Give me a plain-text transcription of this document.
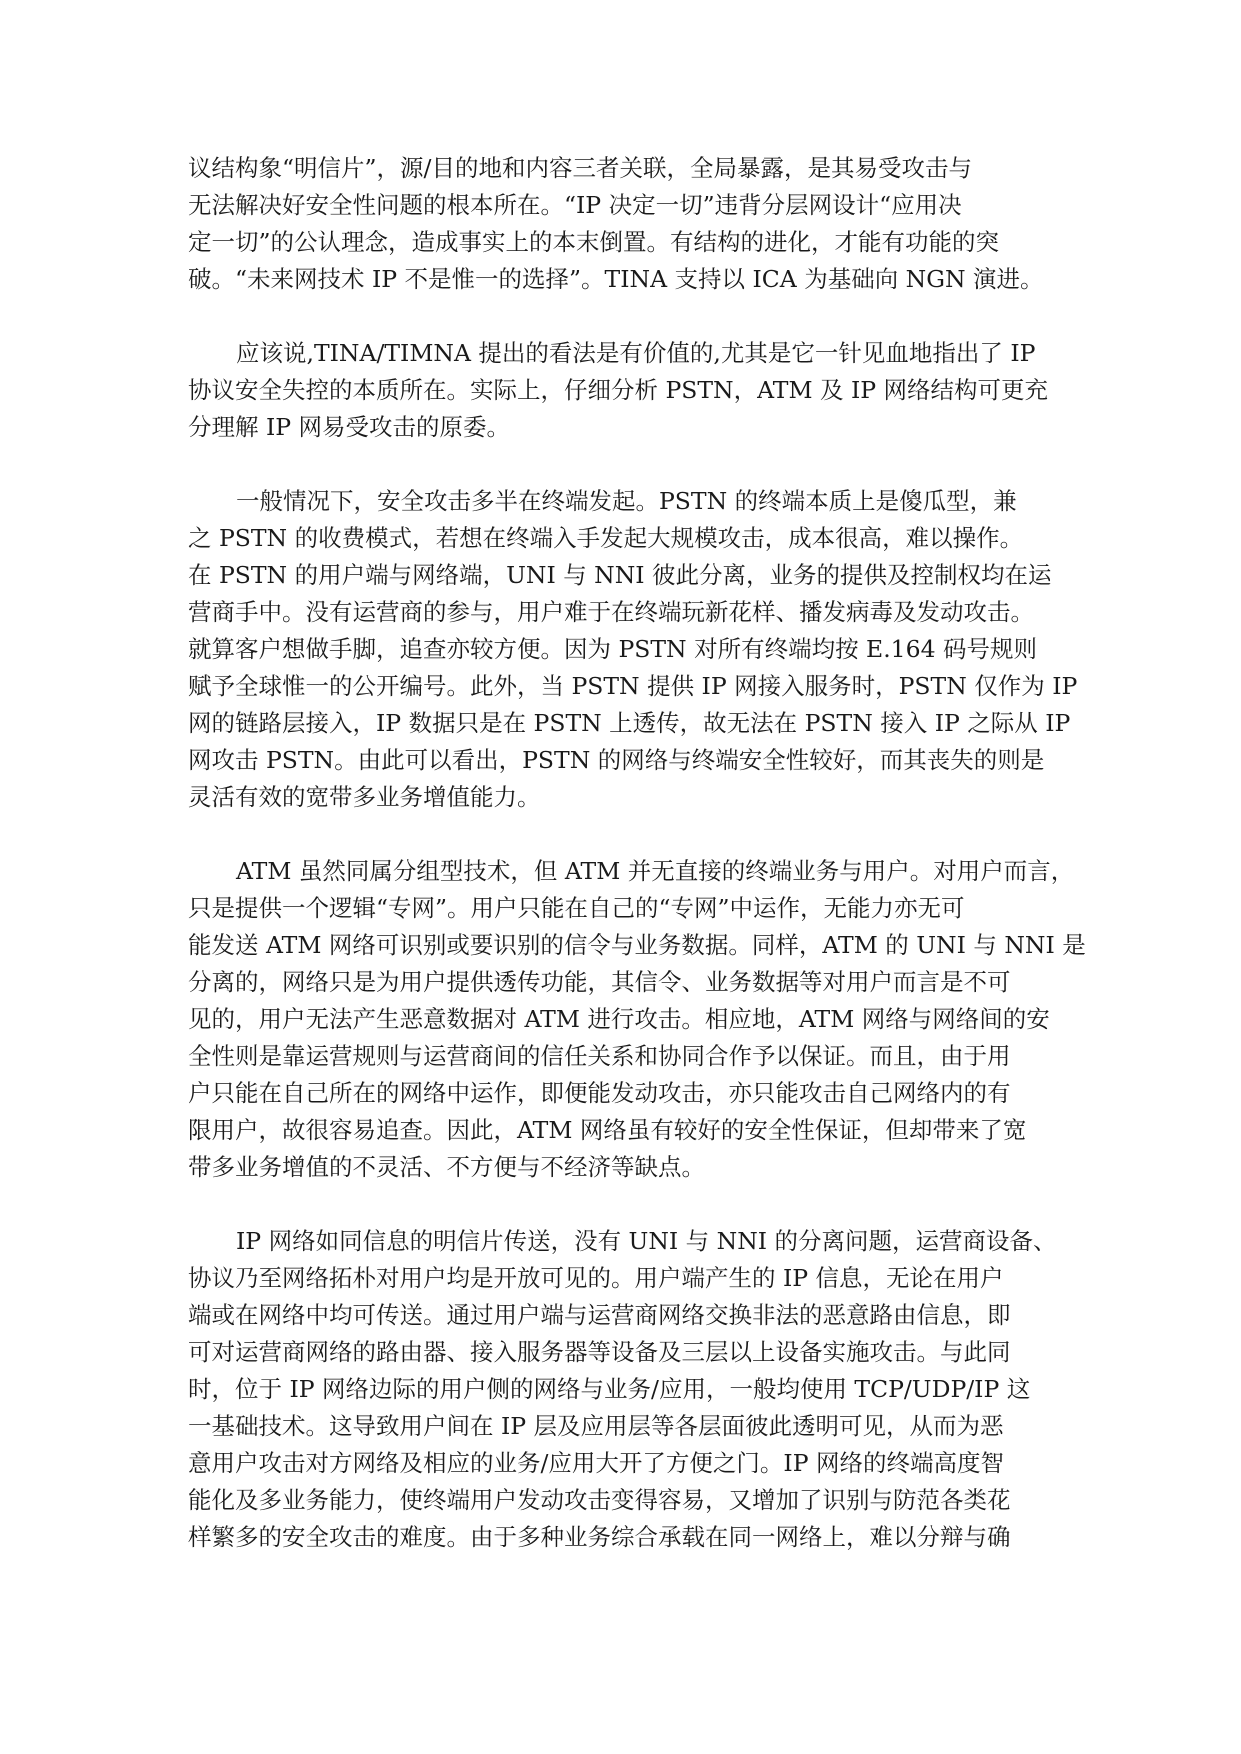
议结构象“明信片”，源/目的地和内容三者关联，全局暴露，是其易受攻击与
无法解决好安全性问题的根本所在。“IP 决定一切”违背分层网设计“应用决
定一切”的公认理念，造成事实上的本末倒置。有结构的进化，才能有功能的突
破。“未来网技术 IP 不是惟一的选择”。TINA 支持以 ICA 为基础向 NGN 演进。
应该说,TINA/TIMNA 提出的看法是有价值的,尤其是它一针见血地指出了 IP
协议安全失控的本质所在。实际上，仔细分析 PSTN，ATM 及 IP 网络结构可更充
分理解 IP 网易受攻击的原委。
一般情况下，安全攻击多半在终端发起。PSTN 的终端本质上是傻瓜型，兼
之 PSTN 的收费模式，若想在终端入手发起大规模攻击，成本很高，难以操作。
在 PSTN 的用户端与网络端，UNI 与 NNI 彼此分离，业务的提供及控制权均在运
营商手中。没有运营商的参与，用户难于在终端玩新花样、播发病毒及发动攻击。
就算客户想做手脚，追查亦较方便。因为 PSTN 对所有终端均按 E.164 码号规则
赋予全球惟一的公开编号。此外，当 PSTN 提供 IP 网接入服务时，PSTN 仅作为 IP
网的链路层接入，IP 数据只是在 PSTN 上透传，故无法在 PSTN 接入 IP 之际从 IP
网攻击 PSTN。由此可以看出，PSTN 的网络与终端安全性较好，而其丧失的则是
灵活有效的宽带多业务增值能力。
ATM 虽然同属分组型技术，但 ATM 并无直接的终端业务与用户。对用户而言，
只是提供一个逻辑“专网”。用户只能在自己的“专网”中运作，无能力亦无可
能发送 ATM 网络可识别或要识别的信令与业务数据。同样，ATM 的 UNI 与 NNI 是
分离的，网络只是为用户提供透传功能，其信令、业务数据等对用户而言是不可
见的，用户无法产生恶意数据对 ATM 进行攻击。相应地，ATM 网络与网络间的安
全性则是靠运营规则与运营商间的信任关系和协同合作予以保证。而且，由于用
户只能在自己所在的网络中运作，即便能发动攻击，亦只能攻击自己网络内的有
限用户，故很容易追查。因此，ATM 网络虽有较好的安全性保证，但却带来了宽
带多业务增值的不灵活、不方便与不经济等缺点。
IP 网络如同信息的明信片传送，没有 UNI 与 NNI 的分离问题，运营商设备、
协议乃至网络拓朴对用户均是开放可见的。用户端产生的 IP 信息，无论在用户
端或在网络中均可传送。通过用户端与运营商网络交换非法的恶意路由信息，即
可对运营商网络的路由器、接入服务器等设备及三层以上设备实施攻击。与此同
时，位于 IP 网络边际的用户侧的网络与业务/应用，一般均使用 TCP/UDP/IP 这
一基础技术。这导致用户间在 IP 层及应用层等各层面彼此透明可见，从而为恶
意用户攻击对方网络及相应的业务/应用大开了方便之门。IP 网络的终端高度智
能化及多业务能力，使终端用户发动攻击变得容易，又增加了识别与防范各类花
样繁多的安全攻击的难度。由于多种业务综合承载在同一网络上，难以分辩与确
